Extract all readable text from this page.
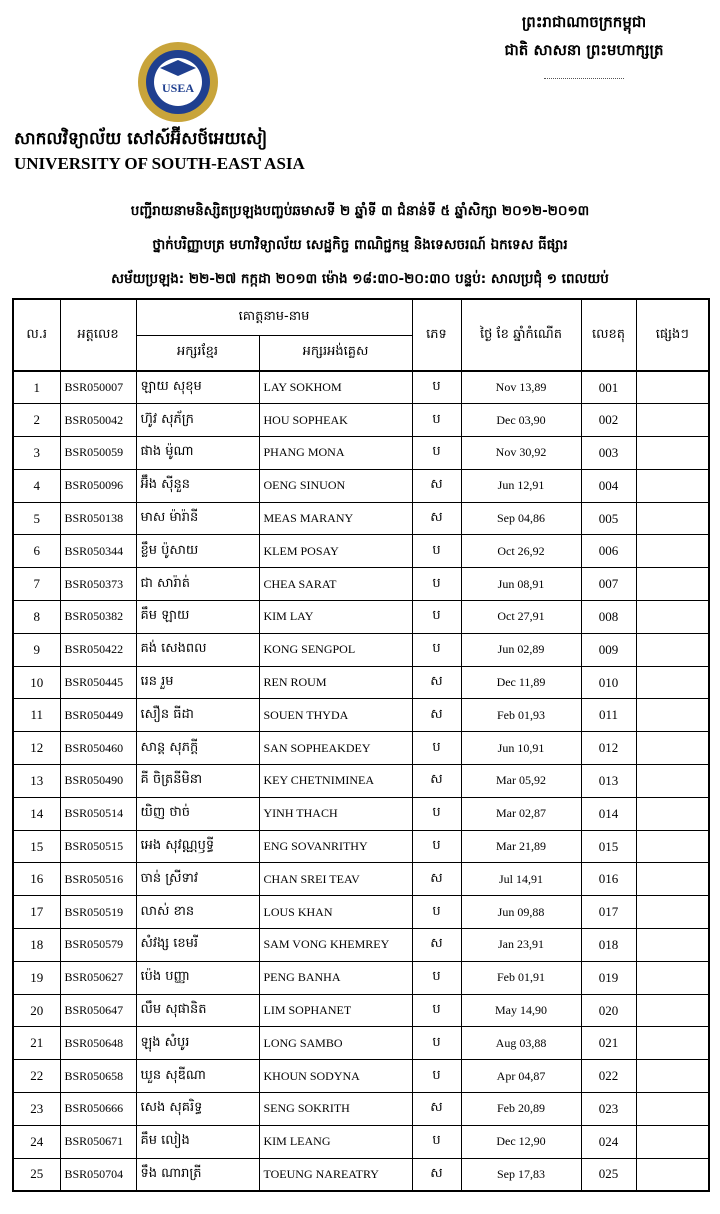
ព្រះរាជាណាចក្រកម្ពុជា
ជាតិ សាសនា ព្រះមហាក្សត្រ
USEA
សាកលវិទ្យាល័យ សៅស៍អ៊ីសថ៍អេយសៀ
UNIVERSITY OF SOUTH-EAST ASIA
បញ្ជីរាយនាមនិស្សិតប្រឡងបញ្ចប់ឆមាសទី ២ ឆ្នាំទី ៣ ជំនាន់ទី ៥ ឆ្នាំសិក្សា ២០១២-២០១៣
ថ្នាក់បរិញ្ញាបត្រ មហាវិទ្យាល័យ សេដ្ឋកិច្ច ពាណិជ្ជកម្ម និងទេសចរណ៍ ឯកទេស ធីផ្សារ
សម័យប្រឡង: ២២-២៧ កក្កដា ២០១៣ ម៉ោង ១៨:៣០-២០:៣០ បន្ទប់: សាលប្រជុំ ១ ពេលយប់
ល.រ	អត្តលេខ	គោត្តនាម-នាម		ភេទ	ថ្ងៃ ខែ ឆ្នាំកំណើត	លេខតុ	ផ្សេងៗ
		អក្សរខ្មែរ	អក្សរអង់គ្លេស				
1	BSR050007	ឡាយ សុខុម	LAY SOKHOM	ប	Nov 13,89	001	
2	BSR050042	ហ៊ូវ សុភ័ក្រ	HOU SOPHEAK	ប	Dec 03,90	002	
3	BSR050059	ផាង ម៉ូណា	PHANG MONA	ប	Nov 30,92	003	
4	BSR050096	អ៊ឹង ស៊ីនួន	OENG SINUON	ស	Jun 12,91	004	
5	BSR050138	មាស ម៉ារ៉ានី	MEAS MARANY	ស	Sep 04,86	005	
6	BSR050344	ខ្លឹម ប៉ូសាយ	KLEM POSAY	ប	Oct 26,92	006	
7	BSR050373	ជា សារ៉ាត់	CHEA SARAT	ប	Jun 08,91	007	
8	BSR050382	គឹម ឡាយ	KIM LAY	ប	Oct 27,91	008	
9	BSR050422	គង់ សេងពល	KONG SENGPOL	ប	Jun 02,89	009	
10	BSR050445	រេន រួម	REN ROUM	ស	Dec 11,89	010	
11	BSR050449	សឿន ធីដា	SOUEN THYDA	ស	Feb 01,93	011	
12	BSR050460	សាន្ត សុភក្តី	SAN SOPHEAKDEY	ប	Jun 10,91	012	
13	BSR050490	គី ចិត្រនីមិនា	KEY CHETNIMINEA	ស	Mar 05,92	013	
14	BSR050514	យិញ ថាច់	YINH THACH	ប	Mar 02,87	014	
15	BSR050515	អេង សុវណ្ណឫទ្ធី	ENG SOVANRITHY	ប	Mar 21,89	015	
16	BSR050516	ចាន់ ស្រីទាវ	CHAN SREI TEAV	ស	Jul 14,91	016	
17	BSR050519	លាស់ ខាន	LOUS KHAN	ប	Jun 09,88	017	
18	BSR050579	សំវង្ស ខេមរី	SAM VONG KHEMREY	ស	Jan 23,91	018	
19	BSR050627	ប៉េង បញ្ញា	PENG BANHA	ប	Feb 01,91	019	
20	BSR050647	លឹម សុផានិត	LIM SOPHANET	ប	May 14,90	020	
21	BSR050648	ឡុង សំបូរ	LONG SAMBO	ប	Aug 03,88	021	
22	BSR050658	ឃួន សុឌីណា	KHOUN SODYNA	ប	Apr 04,87	022	
23	BSR050666	សេង សុគរិទ្ធ	SENG SOKRITH	ស	Feb 20,89	023	
24	BSR050671	គឹម លៀង	KIM LEANG	ប	Dec 12,90	024	
25	BSR050704	ទឹង ណារាត្រី	TOEUNG NAREATRY	ស	Sep 17,83	025	
